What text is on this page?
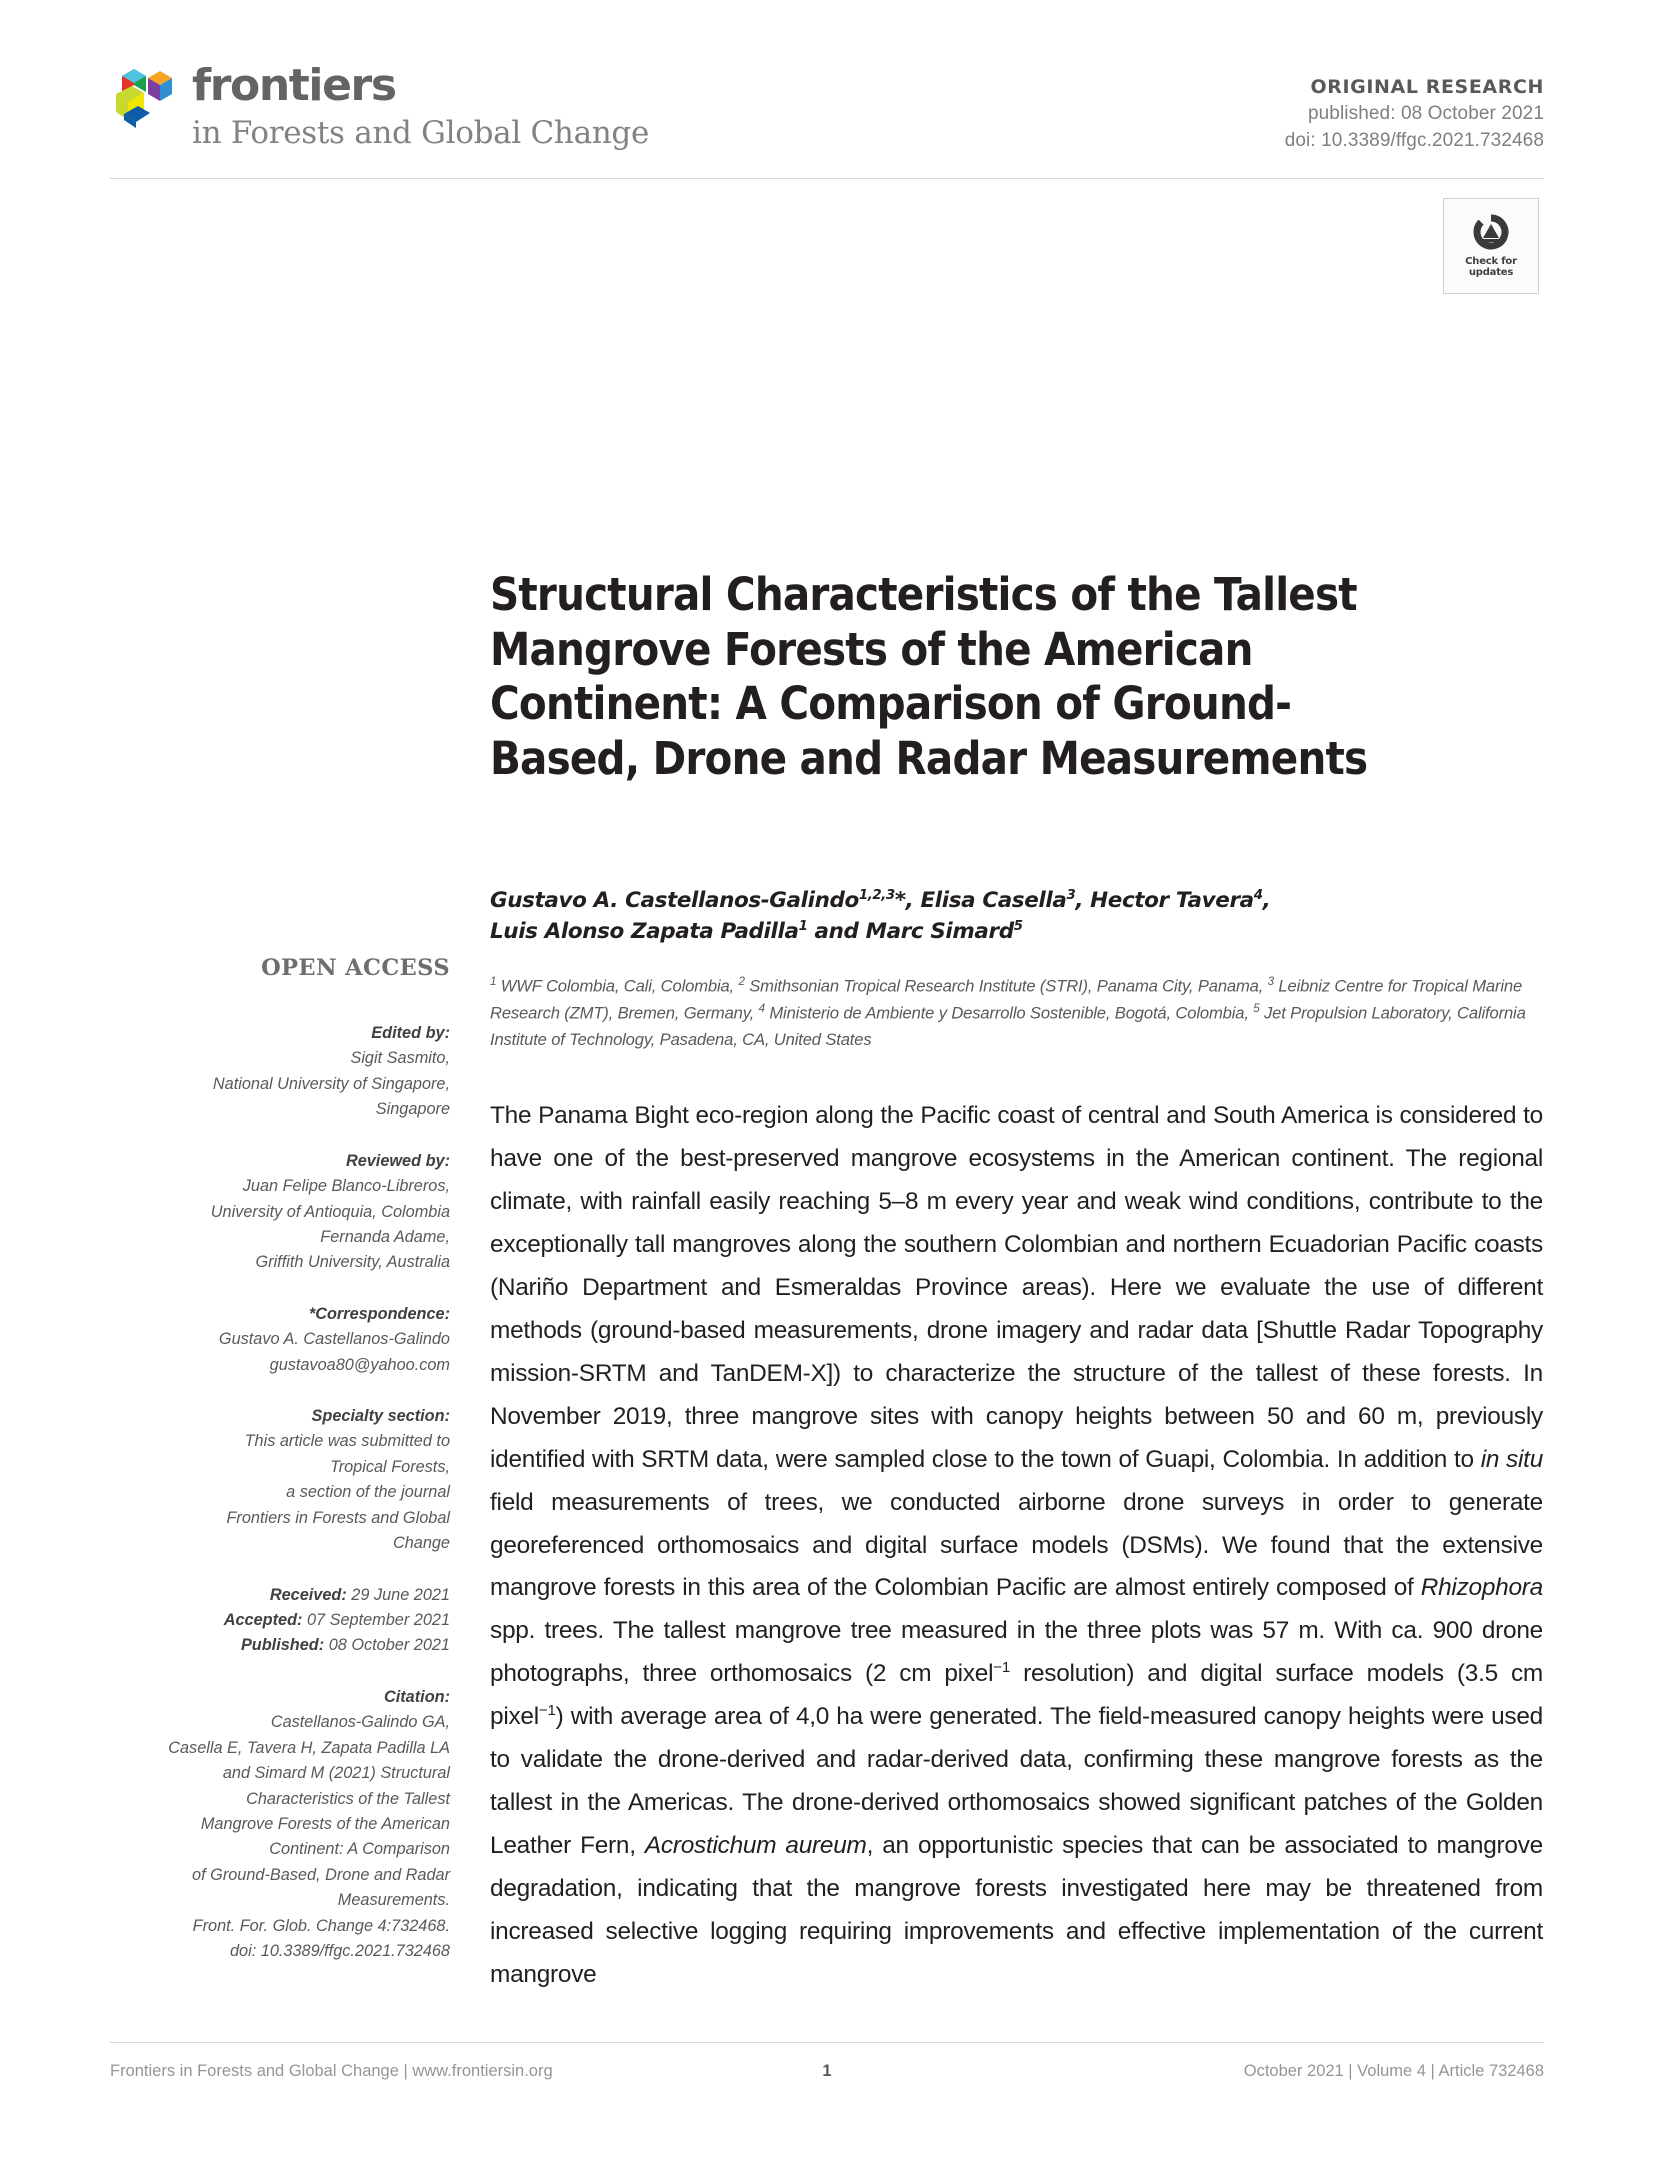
frontiers
in Forests and Global Change
ORIGINAL RESEARCH
published: 08 October 2021
doi: 10.3389/ffgc.2021.732468
Check for
updates
Structural Characteristics of the Tallest Mangrove Forests of the American Continent: A Comparison of Ground-Based, Drone and Radar Measurements
Gustavo A. Castellanos-Galindo$^{1,2,3}$*, Elisa Casella$^3$, Hector Tavera$^4$,
Luis Alonso Zapata Padilla$^1$ and Marc Simard$^5$
$^1$ WWF Colombia, Cali, Colombia, $^2$ Smithsonian Tropical Research Institute (STRI), Panama City, Panama, $^3$ Leibniz Centre for Tropical Marine Research (ZMT), Bremen, Germany, $^4$ Ministerio de Ambiente y Desarrollo Sostenible, Bogotá, Colombia, $^5$ Jet Propulsion Laboratory, California Institute of Technology, Pasadena, CA, United States
OPEN ACCESS
Edited by:
Sigit Sasmito,
National University of Singapore,
Singapore
Reviewed by:
Juan Felipe Blanco-Libreros,
University of Antioquia, Colombia
Fernanda Adame,
Griffith University, Australia
*Correspondence:
Gustavo A. Castellanos-Galindo
gustavoa80@yahoo.com
Specialty section:
This article was submitted to
Tropical Forests,
a section of the journal
Frontiers in Forests and Global
Change
Received: 29 June 2021
Accepted: 07 September 2021
Published: 08 October 2021
Citation:
Castellanos-Galindo GA,
Casella E, Tavera H, Zapata Padilla LA
and Simard M (2021) Structural
Characteristics of the Tallest
Mangrove Forests of the American
Continent: A Comparison
of Ground-Based, Drone and Radar
Measurements.
Front. For. Glob. Change 4:732468.
doi: 10.3389/ffgc.2021.732468
The Panama Bight eco-region along the Pacific coast of central and South America is considered to have one of the best-preserved mangrove ecosystems in the American continent. The regional climate, with rainfall easily reaching 5–8 m every year and weak wind conditions, contribute to the exceptionally tall mangroves along the southern Colombian and northern Ecuadorian Pacific coasts (Nariño Department and Esmeraldas Province areas). Here we evaluate the use of different methods (ground-based measurements, drone imagery and radar data [Shuttle Radar Topography mission-SRTM and TanDEM-X]) to characterize the structure of the tallest of these forests. In November 2019, three mangrove sites with canopy heights between 50 and 60 m, previously identified with SRTM data, were sampled close to the town of Guapi, Colombia. In addition to in situ field measurements of trees, we conducted airborne drone surveys in order to generate georeferenced orthomosaics and digital surface models (DSMs). We found that the extensive mangrove forests in this area of the Colombian Pacific are almost entirely composed of Rhizophora spp. trees. The tallest mangrove tree measured in the three plots was 57 m. With ca. 900 drone photographs, three orthomosaics (2 cm pixel$^{-1}$ resolution) and digital surface models (3.5 cm pixel$^{-1}$) with average area of 4,0 ha were generated. The field-measured canopy heights were used to validate the drone-derived and radar-derived data, confirming these mangrove forests as the tallest in the Americas. The drone-derived orthomosaics showed significant patches of the Golden Leather Fern, Acrostichum aureum, an opportunistic species that can be associated to mangrove degradation, indicating that the mangrove forests investigated here may be threatened from increased selective logging requiring improvements and effective implementation of the current mangrove
Frontiers in Forests and Global Change | www.frontiersin.org	1	October 2021 | Volume 4 | Article 732468
